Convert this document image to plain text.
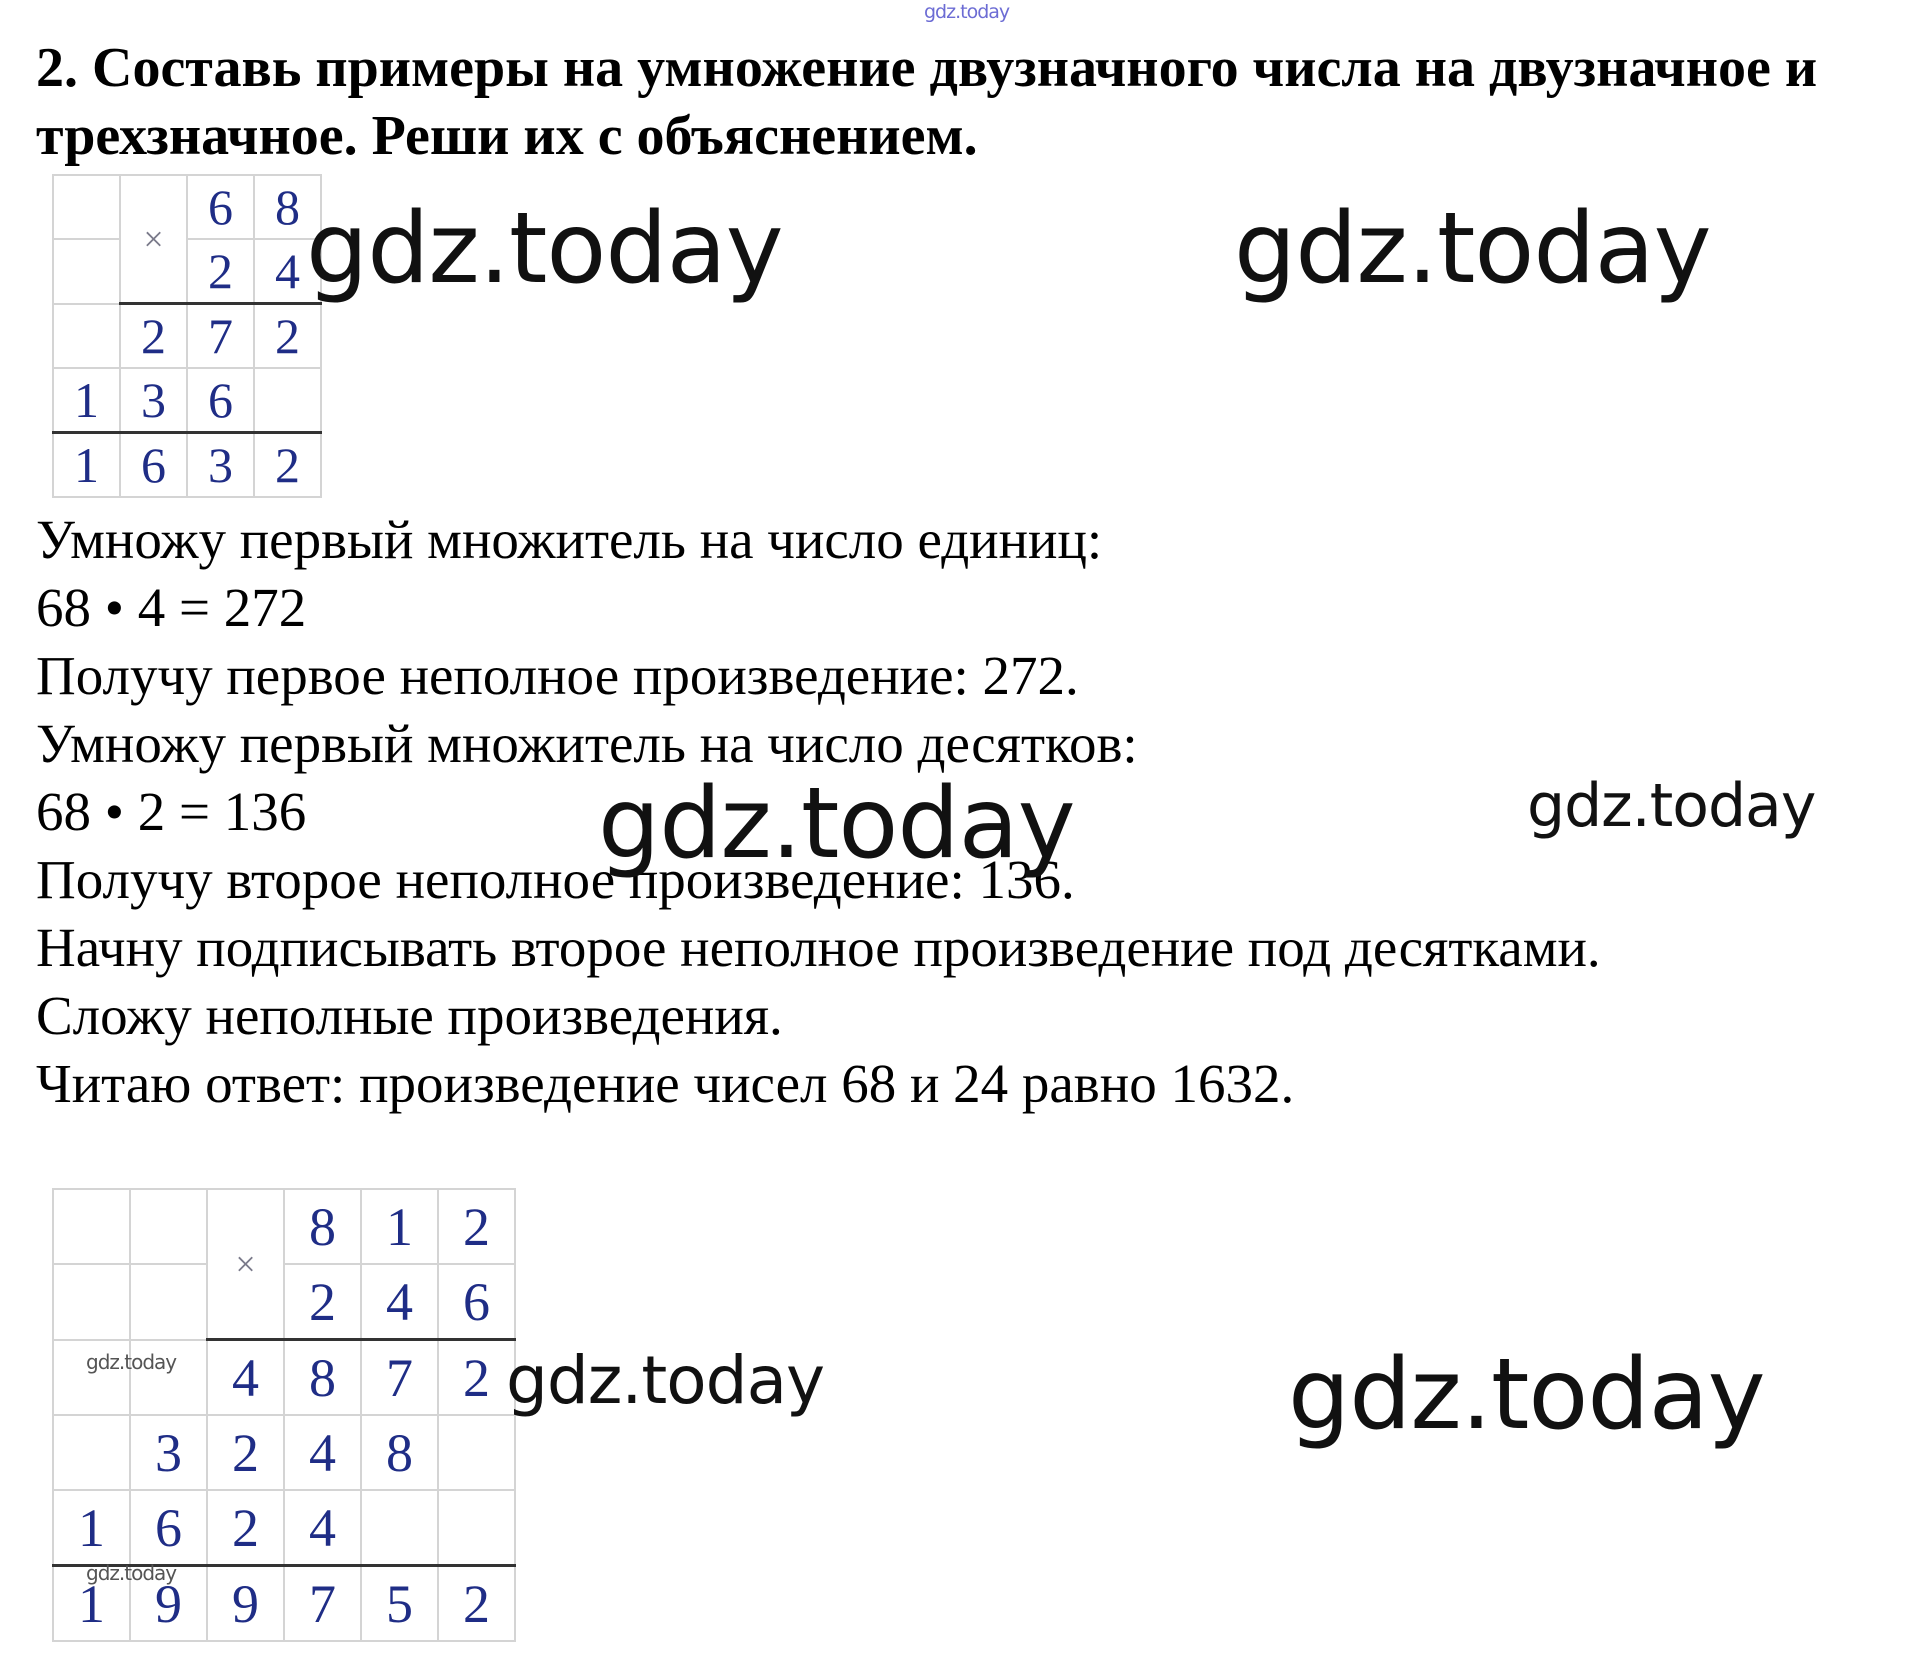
gdz.today
2. Составь примеры на умножение двузначного числа на двузначное и
трехзначное. Реши их с объяснением.
	×	6	8
		2	4
	2	7	2
1	3	6	
1	6	3	2
Умножу первый множитель на число единиц:
68 • 4 = 272
Получу первое неполное произведение: 272.
Умножу первый множитель на число десятков:
68 • 2 = 136
Получу второе неполное произведение: 136.
Начну подписывать второе неполное произведение под десятками.
Сложу неполные произведения.
Читаю ответ: произведение чисел 68 и 24 равно 1632.
		×	8	1	2
			2	4	6
		4	8	7	2
	3	2	4	8	
1	6	2	4		
1	9	9	7	5	2
gdz.today	gdz.today
gdz.today	gdz.today
gdz.today	gdz.today
gdz.today
gdz.today
